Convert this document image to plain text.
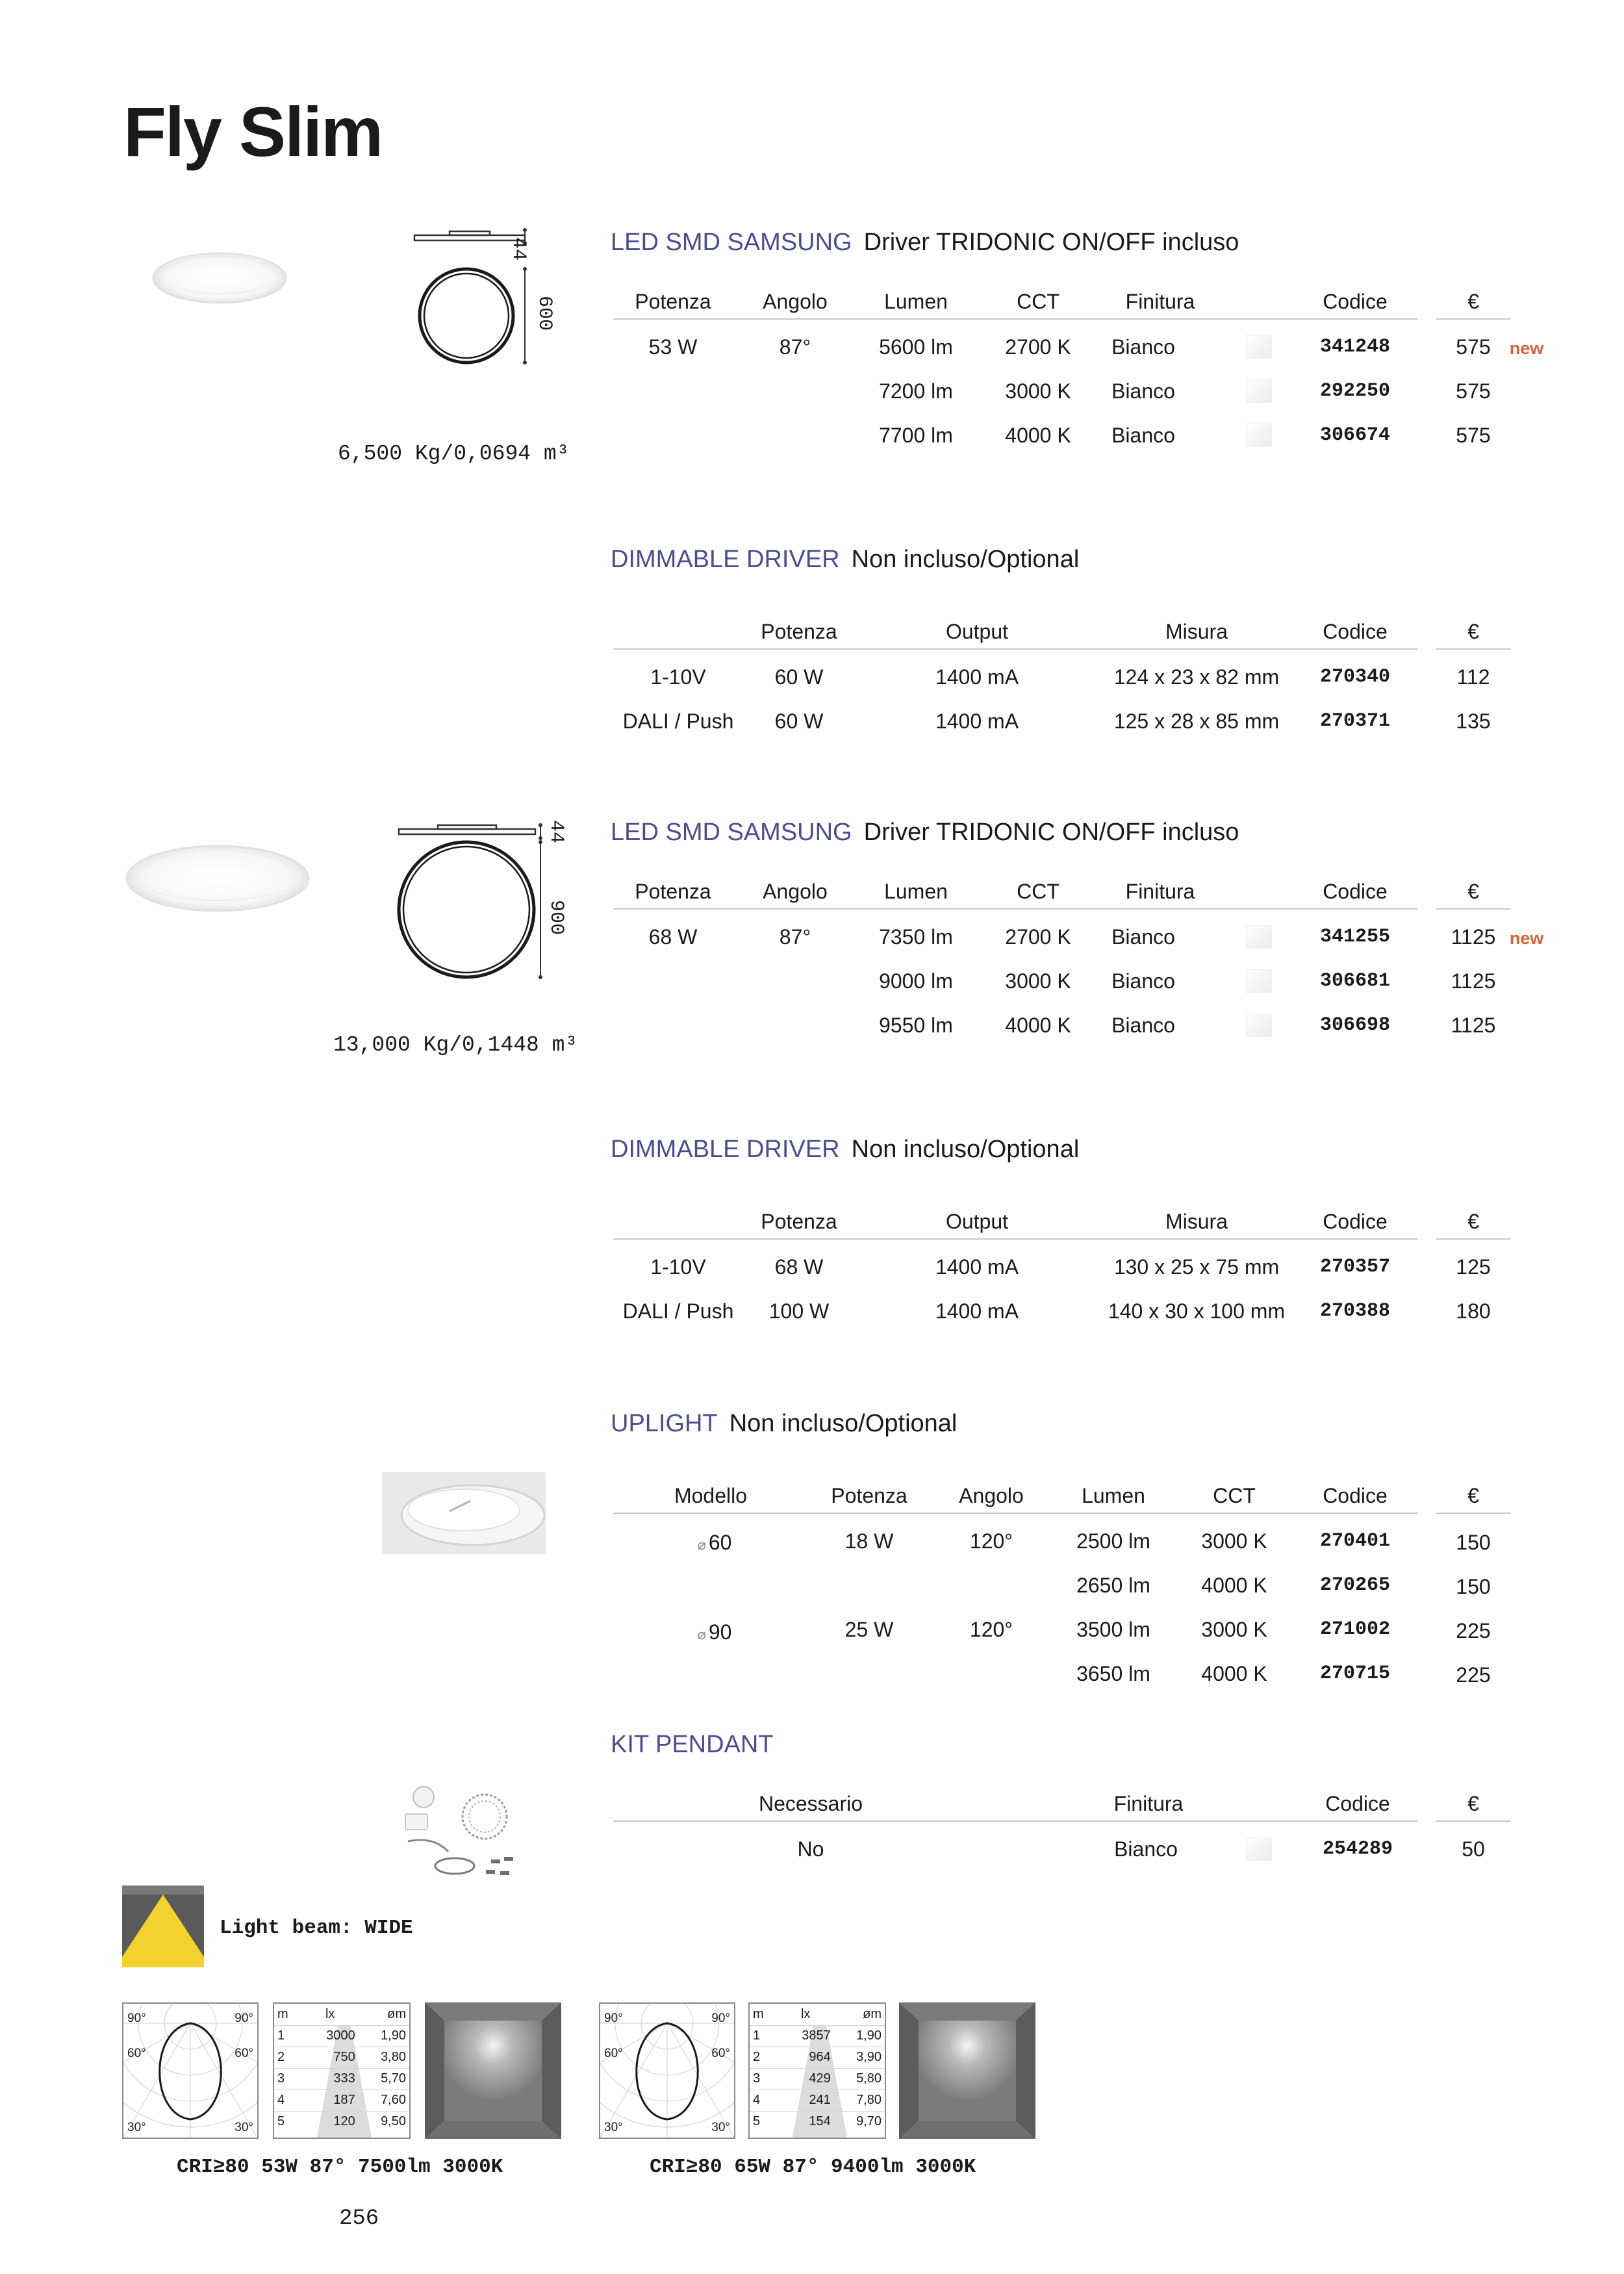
Fly Slim
44
600
6,500 Kg/0,0694 m³
LED SMD SAMSUNG Driver TRIDONIC ON/OFF incluso
Potenza Angolo	Lumen	CCT	Finitura	Codice	€
53 W	87°	5600 lm	2700 K Bianco	341248	575 new
7200 lm	3000 K Bianco	292250	575
7700 lm	4000 K Bianco	306674	575
DIMMABLE DRIVER Non incluso/Optional
Potenza	Output	Misura	Codice	€
1-10V	60 W	1400 mA	124 x 23 x 82 mm 270340	112
DALI / Push 60 W	1400 mA	125 x 28 x 85 mm 270371	135
44
900
13,000 Kg/0,1448 m³
LED SMD SAMSUNG Driver TRIDONIC ON/OFF incluso
Potenza Angolo	Lumen	CCT	Finitura	Codice	€
68 W	87°	7350 lm	2700 K Bianco	341255	1125 new
9000 lm	3000 K Bianco	306681	1125
9550 lm	4000 K Bianco	306698	1125
DIMMABLE DRIVER Non incluso/Optional
Potenza	Output	Misura	Codice	€
1-10V	68 W	1400 mA	130 x 25 x 75 mm 270357	125
DALI / Push 100 W	1400 mA	140 x 30 x 100 mm 270388	180
UPLIGHT Non incluso/Optional
Modello	Potenza Angolo	Lumen	CCT	Codice	€
⌀ 60	18 W	120°	2500 lm 3000 K	270401	150
2650 lm 4000 K	270265	150
⌀ 90	25 W	120°	3500 lm 3000 K	271002	225
3650 lm 4000 K	270715	225
KIT PENDANT
Necessario	Finitura	Codice	€
No	Bianco	254289	50
Light beam: WIDE
90°	90°
60°	60°
30°	30°
m	lx	øm
1	3000	1,90
2	750	3,80
3	333	5,70
4	187	7,60
5	120	9,50
CRI≥80 53W 87° 7500lm 3000K
90°	90°
60°	60°
30°	30°
m	lx	øm
1	3857	1,90
2	964	3,90
3	429	5,80
4	241	7,80
5	154	9,70
CRI≥80 65W 87° 9400lm 3000K
256
